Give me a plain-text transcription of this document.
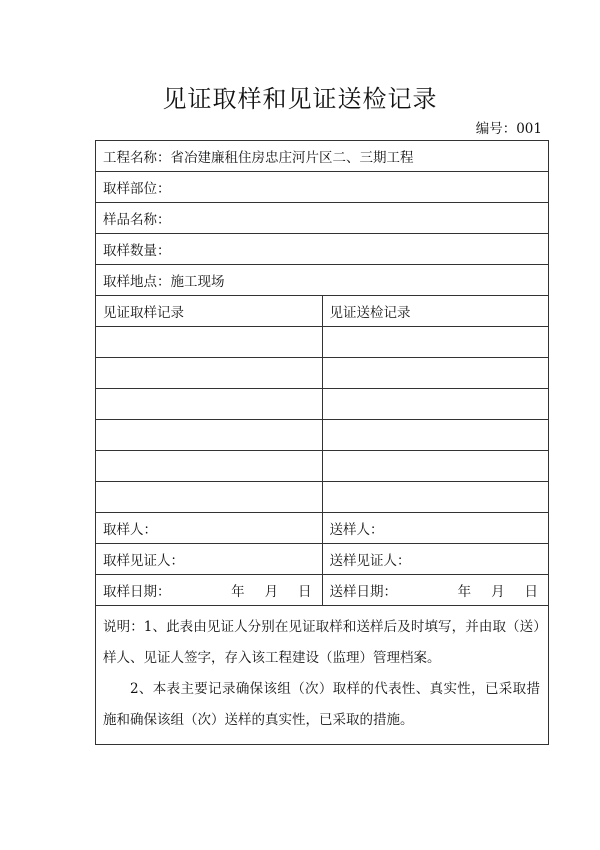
见证取样和见证送检记录
编号：001
工程名称：省冶建廉租住房忠庄河片区二、三期工程	
取样部位：	
样品名称：	
取样数量：	
取样地点：施工现场	
见证取样记录	见证送检记录

取样人：	送样人：
取样见证人：	送样见证人：

取样日期： 年 月 日	送样日期： 年 月 日

说明：1、此表由见证人分别在见证取样和送样后及时填写，并由取（送）样人、见证人签字，存入该工程建设（监理）管理档案。

2、本表主要记录确保该组（次）取样的代表性、真实性，已采取措施和确保该组（次）送样的真实性，已采取的措施。	
